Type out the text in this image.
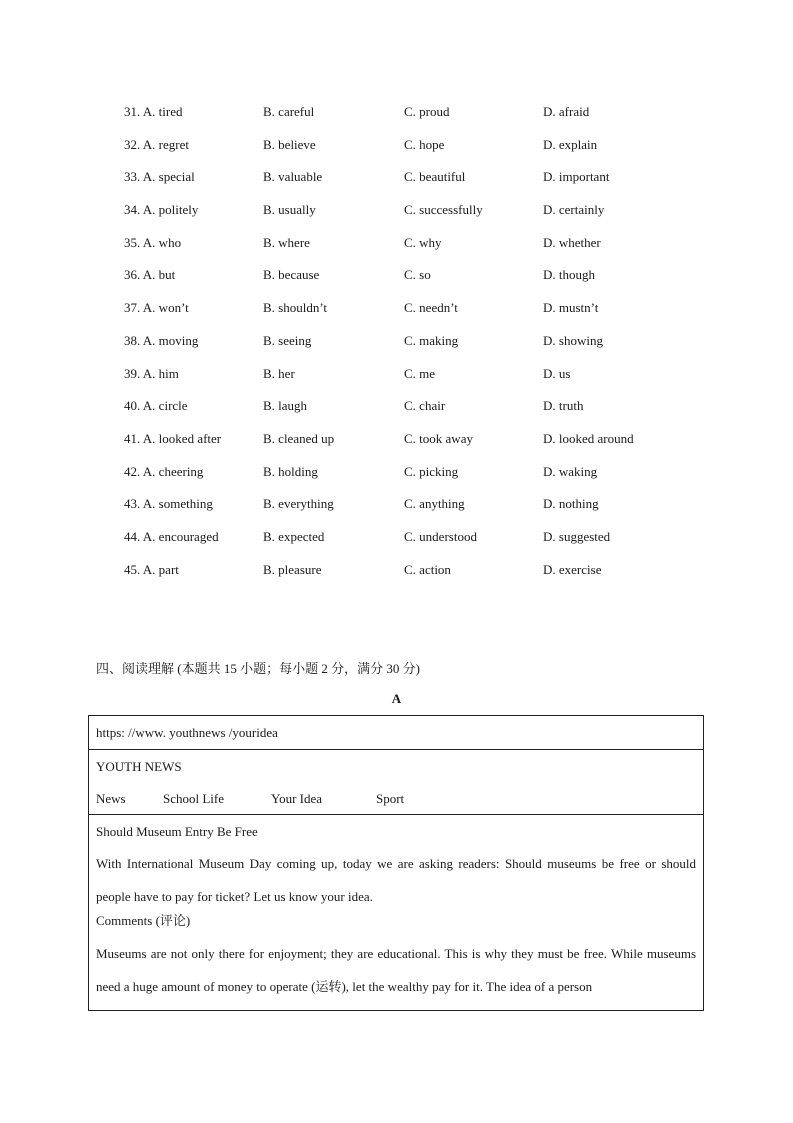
31. A. tired	B. careful	C. proud	D. afraid
32. A. regret	B. believe	C. hope	D. explain
33. A. special	B. valuable	C. beautiful	D. important
34. A. politely	B. usually	C. successfully	D. certainly
35. A. who	B. where	C. why	D. whether
36. A. but	B. because	C. so	D. though
37. A. won’t	B. shouldn’t	C. needn’t	D. mustn’t
38. A. moving	B. seeing	C. making	D. showing
39. A. him	B. her	C. me	D. us
40. A. circle	B. laugh	C. chair	D. truth
41. A. looked after	B. cleaned up	C. took away	D. looked around
42. A. cheering	B. holding	C. picking	D. waking
43. A. something	B. everything	C. anything	D. nothing
44. A. encouraged	B. expected	C. understood	D. suggested
45. A. part	B. pleasure	C. action	D. exercise
四、阅读理解 (本题共 15 小题；每小题 2 分，满分 30 分)
A
https: //www. youthnews /youridea
YOUTH NEWS
News	School Life	Your Idea	Sport
Should Museum Entry Be Free
With International Museum Day coming up, today we are asking readers: Should museums be free or should people have to pay for ticket? Let us know your idea.
Comments (评论)
Museums are not only there for enjoyment; they are educational. This is why they must be free. While museums need a huge amount of money to operate (运转), let the wealthy pay for it. The idea of a person
